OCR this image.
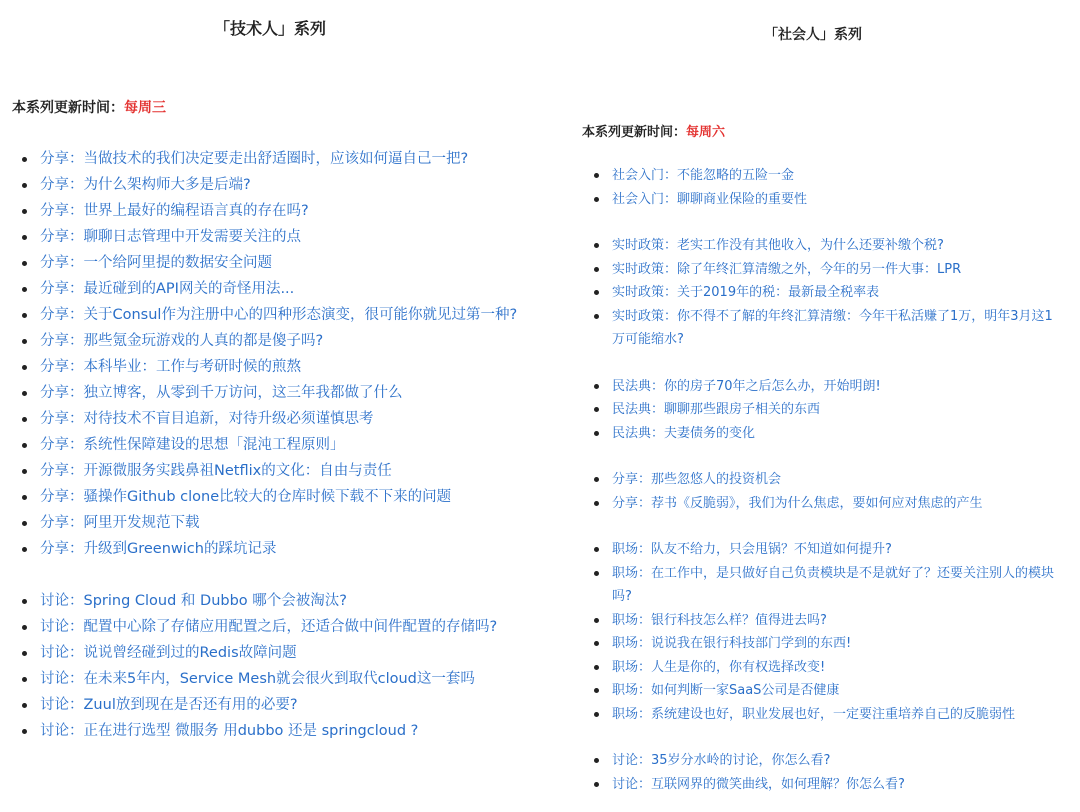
「技术人」系列
本系列更新时间：每周三
分享：当做技术的我们决定要走出舒适圈时，应该如何逼自己一把?
分享：为什么架构师大多是后端?
分享：世界上最好的编程语言真的存在吗?
分享：聊聊日志管理中开发需要关注的点
分享：一个给阿里提的数据安全问题
分享：最近碰到的API网关的奇怪用法...
分享：关于Consul作为注册中心的四种形态演变，很可能你就见过第一种?
分享：那些氪金玩游戏的人真的都是傻子吗?
分享：本科毕业：工作与考研时候的煎熬
分享：独立博客，从零到千万访问，这三年我都做了什么
分享：对待技术不盲目追新，对待升级必须谨慎思考
分享：系统性保障建设的思想「混沌工程原则」
分享：开源微服务实践鼻祖Netflix的文化：自由与责任
分享：骚操作Github clone比较大的仓库时候下载不下来的问题
分享：阿里开发规范下载
分享：升级到Greenwich的踩坑记录
讨论：Spring Cloud 和 Dubbo 哪个会被淘汰?
讨论：配置中心除了存储应用配置之后，还适合做中间件配置的存储吗?
讨论：说说曾经碰到过的Redis故障问题
讨论：在未来5年内，Service Mesh就会很火到取代cloud这一套吗
讨论：Zuul放到现在是否还有用的必要?
讨论：正在进行选型 微服务 用dubbo 还是 springcloud ?
「社会人」系列
本系列更新时间：每周六
社会入门：不能忽略的五险一金
社会入门：聊聊商业保险的重要性
实时政策：老实工作没有其他收入，为什么还要补缴个税?
实时政策：除了年终汇算清缴之外，今年的另一件大事：LPR
实时政策：关于2019年的税：最新最全税率表
实时政策：你不得不了解的年终汇算清缴：今年干私活赚了1万，明年3月这1万可能缩水?
民法典：你的房子70年之后怎么办，开始明朗!
民法典：聊聊那些跟房子相关的东西
民法典：夫妻债务的变化
分享：那些忽悠人的投资机会
分享：荐书《反脆弱》，我们为什么焦虑，要如何应对焦虑的产生
职场：队友不给力，只会甩锅？不知道如何提升?
职场：在工作中，是只做好自己负责模块是不是就好了？还要关注别人的模块吗?
职场：银行科技怎么样？值得进去吗?
职场：说说我在银行科技部门学到的东西!
职场：人生是你的，你有权选择改变!
职场：如何判断一家SaaS公司是否健康
职场：系统建设也好，职业发展也好，一定要注重培养自己的反脆弱性
讨论：35岁分水岭的讨论，你怎么看?
讨论：互联网界的微笑曲线，如何理解？你怎么看?
